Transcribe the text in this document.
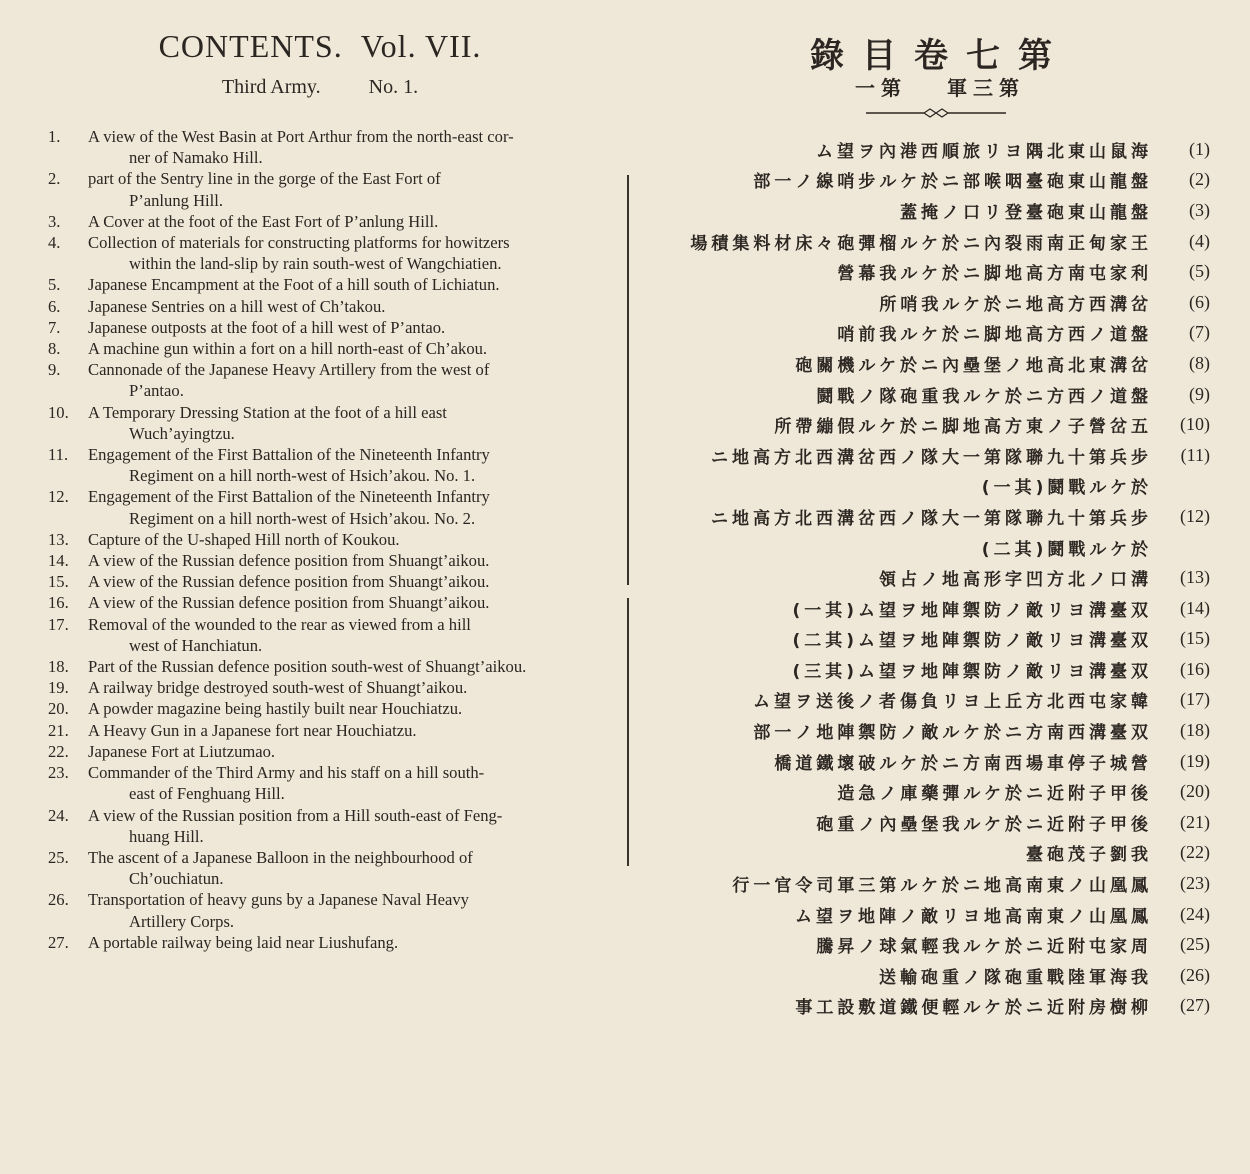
CONTENTS. Vol. VII.
Third Army. No. 1.
1.	A view of the West Basin at Port Arthur from the north-east cor-
ner of Namako Hill.
2.	part of the Sentry line in the gorge of the East Fort of
P’anlung Hill.
3.	A Cover at the foot of the East Fort of P’anlung Hill.
4.	Collection of materials for constructing platforms for howitzers
within the land-slip by rain south-west of Wangchiatien.
5.	Japanese Encampment at the Foot of a hill south of Lichiatun.
6.	Japanese Sentries on a hill west of Ch’takou.
7.	Japanese outposts at the foot of a hill west of P’antao.
8.	A machine gun within a fort on a hill north-east of Ch’akou.
9.	Cannonade of the Japanese Heavy Artillery from the west of
P’antao.
10.	A Temporary Dressing Station at the foot of a hill east
Wuch’ayingtzu.
11.	Engagement of the First Battalion of the Nineteenth Infantry
Regiment on a hill north-west of Hsich’akou. No. 1.
12.	Engagement of the First Battalion of the Nineteenth Infantry
Regiment on a hill north-west of Hsich’akou. No. 2.
13.	Capture of the U-shaped Hill north of Koukou.
14.	A view of the Russian defence position from Shuangt’aikou.
15.	A view of the Russian defence position from Shuangt’aikou.
16.	A view of the Russian defence position from Shuangt’aikou.
17.	Removal of the wounded to the rear as viewed from a hill
west of Hanchiatun.
18.	Part of the Russian defence position south-west of Shuangt’aikou.
19.	A railway bridge destroyed south-west of Shuangt’aikou.
20.	A powder magazine being hastily built near Houchiatzu.
21.	A Heavy Gun in a Japanese fort near Houchiatzu.
22.	Japanese Fort at Liutzumao.
23.	Commander of the Third Army and his staff on a hill south-
east of Fenghuang Hill.
24.	A view of the Russian position from a Hill south-east of Feng-
huang Hill.
25.	The ascent of a Japanese Balloon in the neighbourhood of
Ch’ouchiatun.
26.	Transportation of heavy guns by a Japanese Naval Heavy
Artillery Corps.
27.	A portable railway being laid near Liushufang.
第七卷目錄
第三軍第一
海鼠山東北隅ヨリ旅順西港內ヲ望ム	(1)
盤龍山東砲臺咽喉部ニ於ケル步哨線ノ一部	(2)
盤龍山東砲臺登リ口ノ掩蓋	(3)
王家甸正南雨裂內ニ於ケル榴彈砲々床材料集積場	(4)
利家屯南方高地脚ニ於ケル我幕營	(5)
岔溝西方高地ニ於ケル我哨所	(6)
盤道ノ西方高地脚ニ於ケル我前哨	(7)
岔溝東北高地ノ堡壘內ニ於ケル機關砲	(8)
盤道ノ西方ニ於ケル我重砲隊ノ戰鬪	(9)
五岔營子ノ東方高地脚ニ於ケル假繃帶所	(10)
步兵第十九聯隊第一大隊ノ西岔溝西北方高地ニ	(11)
於ケル戰鬪(其一)
步兵第十九聯隊第一大隊ノ西岔溝西北方高地ニ	(12)
於ケル戰鬪(其二)
溝口ノ北方凹字形高地ノ占領	(13)
双臺溝ヨリ敵ノ防禦陣地ヲ望ム(其一)	(14)
双臺溝ヨリ敵ノ防禦陣地ヲ望ム(其二)	(15)
双臺溝ヨリ敵ノ防禦陣地ヲ望ム(其三)	(16)
韓家屯西北方丘上ヨリ負傷者ノ後送ヲ望ム	(17)
双臺溝西南方ニ於ケル敵ノ防禦陣地ノ一部	(18)
營城子停車場西南方ニ於ケル破壞鐵道橋	(19)
後甲子附近ニ於ケル彈藥庫ノ急造	(20)
後甲子附近ニ於ケル我堡壘內ノ重砲	(21)
我劉子茂砲臺	(22)
鳳凰山ノ東南高地ニ於ケル第三軍司令官一行	(23)
鳳凰山ノ東南高地ヨリ敵ノ陣地ヲ望ム	(24)
周家屯附近ニ於ケル我輕氣球ノ昇騰	(25)
我海軍陸戰重砲隊ノ重砲輸送	(26)
柳樹房附近ニ於ケル輕便鐵道敷設工事	(27)
